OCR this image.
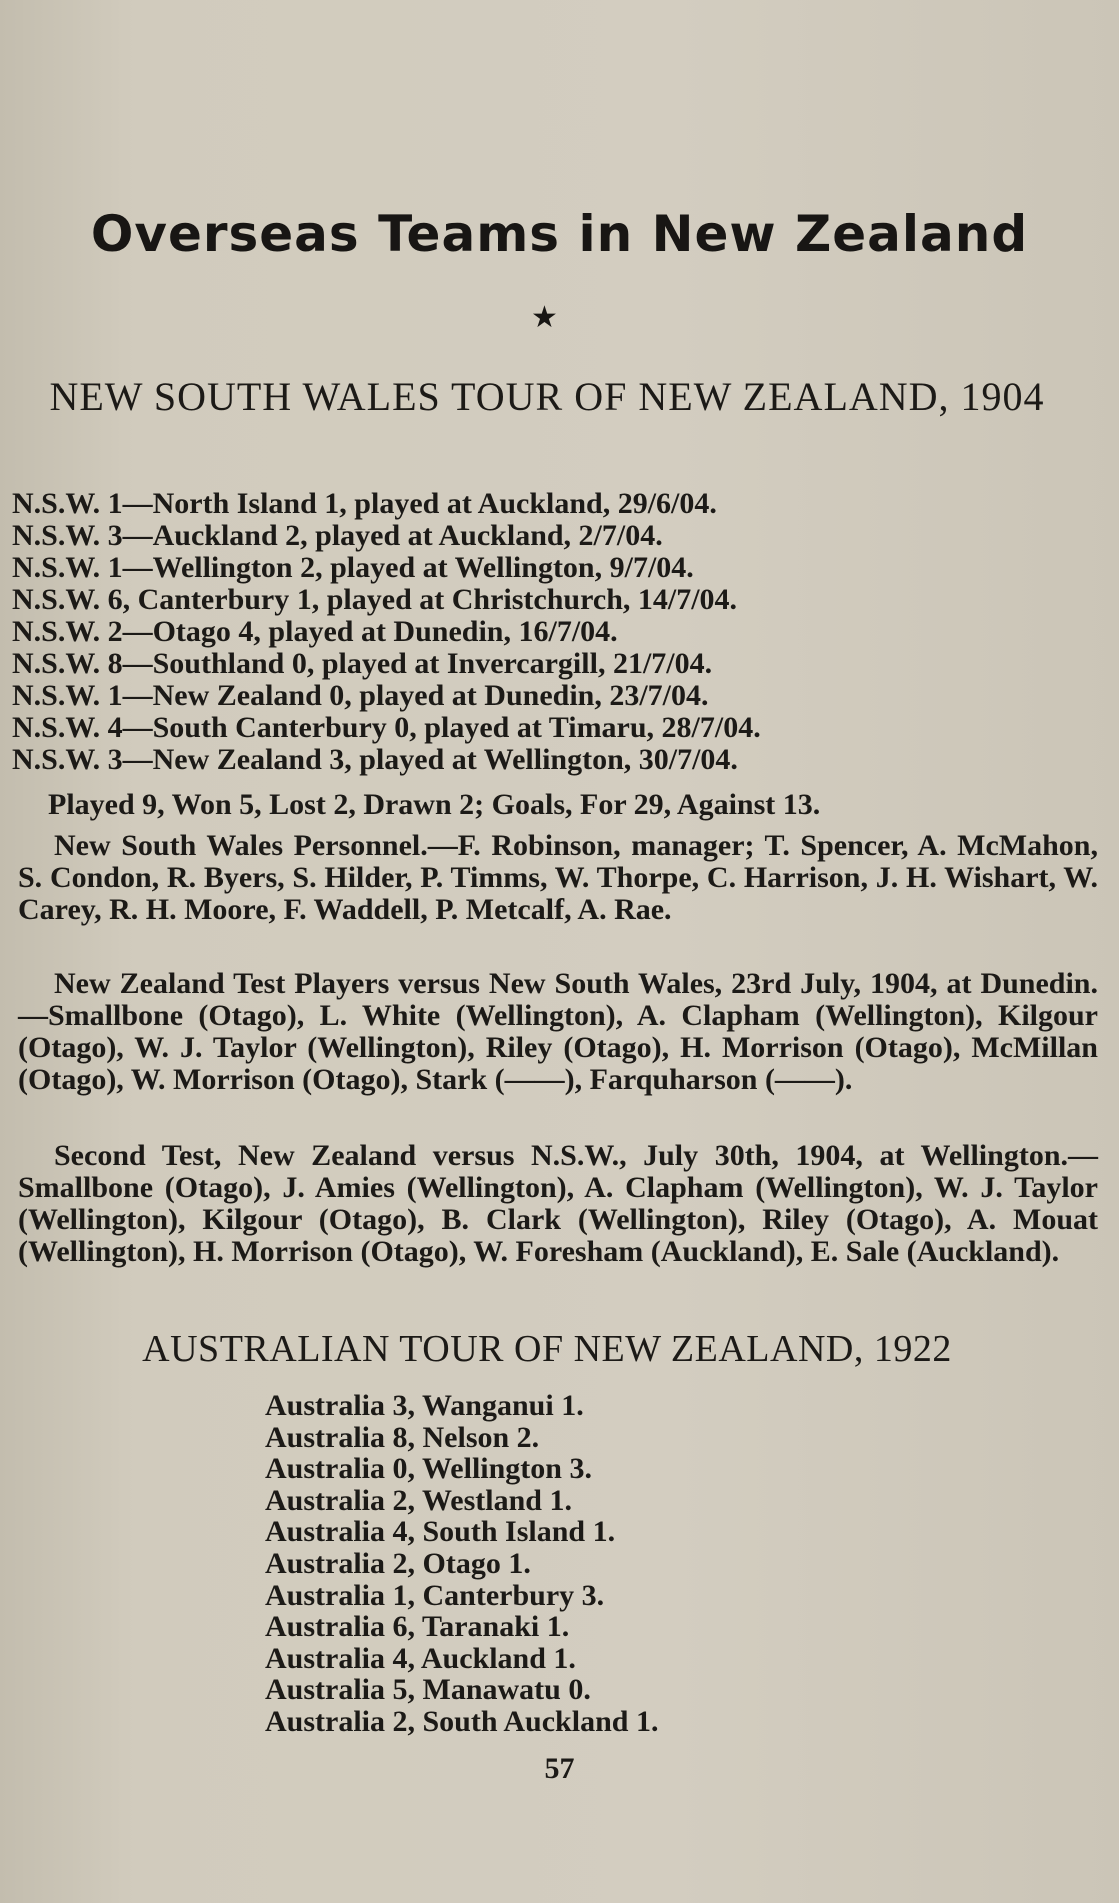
Overseas Teams in New Zealand
★
NEW SOUTH WALES TOUR OF NEW ZEALAND, 1904
N.S.W. 1—North Island 1, played at Auckland, 29/6/04.
N.S.W. 3—Auckland 2, played at Auckland, 2/7/04.
N.S.W. 1—Wellington 2, played at Wellington, 9/7/04.
N.S.W. 6, Canterbury 1, played at Christchurch, 14/7/04.
N.S.W. 2—Otago 4, played at Dunedin, 16/7/04.
N.S.W. 8—Southland 0, played at Invercargill, 21/7/04.
N.S.W. 1—New Zealand 0, played at Dunedin, 23/7/04.
N.S.W. 4—South Canterbury 0, played at Timaru, 28/7/04.
N.S.W. 3—New Zealand 3, played at Wellington, 30/7/04.

Played 9, Won 5, Lost 2, Drawn 2; Goals, For 29, Against 13.

New South Wales Personnel.—F. Robinson, manager; T. Spencer, A. McMahon, S. Condon, R. Byers, S. Hilder, P. Timms, W. Thorpe, C. Harrison, J. H. Wishart, W. Carey, R. H. Moore, F. Waddell, P. Metcalf, A. Rae.

New Zealand Test Players versus New South Wales, 23rd July, 1904, at Dunedin.—Smallbone (Otago), L. White (Wellington), A. Clapham (Wellington), Kilgour (Otago), W. J. Taylor (Wellington), Riley (Otago), H. Morrison (Otago), McMillan (Otago), W. Morrison (Otago), Stark (——), Farquharson (——).

Second Test, New Zealand versus N.S.W., July 30th, 1904, at Wellington.—Smallbone (Otago), J. Amies (Wellington), A. Clapham (Wellington), W. J. Taylor (Wellington), Kilgour (Otago), B. Clark (Wellington), Riley (Otago), A. Mouat (Wellington), H. Morrison (Otago), W. Foresham (Auckland), E. Sale (Auckland).

AUSTRALIAN TOUR OF NEW ZEALAND, 1922
Australia 3, Wanganui 1.
Australia 8, Nelson 2.
Australia 0, Wellington 3.
Australia 2, Westland 1.
Australia 4, South Island 1.
Australia 2, Otago 1.
Australia 1, Canterbury 3.
Australia 6, Taranaki 1.
Australia 4, Auckland 1.
Australia 5, Manawatu 0.
Australia 2, South Auckland 1.
57
